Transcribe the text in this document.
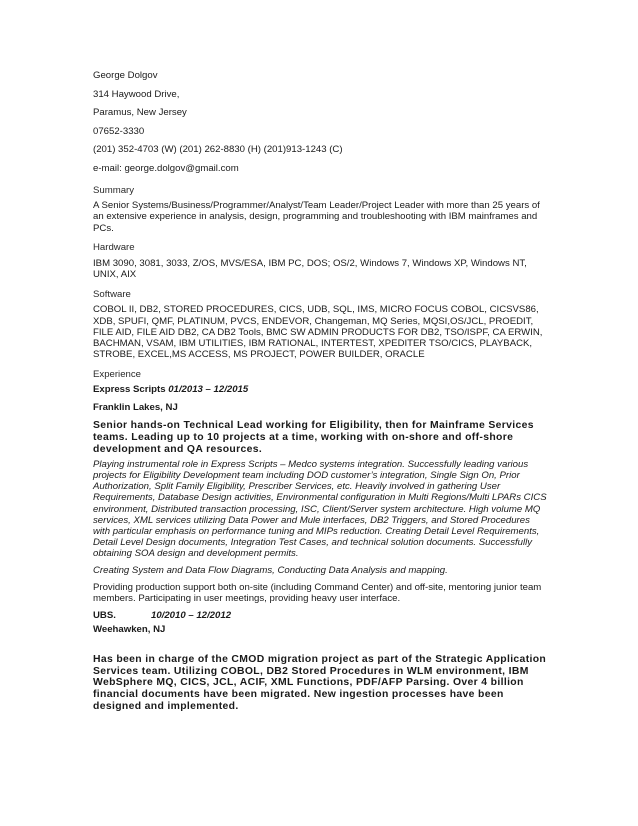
George Dolgov

314 Haywood Drive,

Paramus, New Jersey

07652-3330

(201) 352-4703 (W) (201) 262-8830 (H) (201)913-1243 (C)

e-mail: george.dolgov@gmail.com

Summary

A Senior Systems/Business/Programmer/Analyst/Team Leader/Project Leader with more than 25 years of an extensive experience in analysis, design, programming and troubleshooting with IBM mainframes and PCs.

Hardware

IBM 3090, 3081, 3033, Z/OS, MVS/ESA, IBM PC, DOS; OS/2, Windows 7, Windows XP, Windows NT, UNIX, AIX

Software

COBOL II, DB2, STORED PROCEDURES, CICS, UDB, SQL, IMS, MICRO FOCUS COBOL, CICSVS86, XDB, SPUFI, QMF, PLATINUM, PVCS, ENDEVOR, Changeman, MQ Series, MQSI,OS/JCL, PROEDIT, FILE AID, FILE AID DB2, CA DB2 Tools, BMC SW ADMIN PRODUCTS FOR DB2, TSO/ISPF, CA ERWIN, BACHMAN, VSAM, IBM UTILITIES, IBM RATIONAL, INTERTEST, XPEDITER TSO/CICS, PLAYBACK, STROBE, EXCEL,MS ACCESS, MS PROJECT, POWER BUILDER, ORACLE

Experience

Express Scripts 01/2013 – 12/2015

Franklin Lakes, NJ

Senior hands-on Technical Lead working for Eligibility, then for Mainframe Services teams. Leading up to 10 projects at a time, working with on-shore and off-shore development and QA resources.

Playing instrumental role in Express Scripts – Medco systems integration. Successfully leading various projects for Eligibility Development team including DOD customer’s integration, Single Sign On, Prior Authorization, Split Family Eligibility, Prescriber Services, etc. Heavily involved in gathering User Requirements, Database Design activities, Environmental configuration in Multi Regions/Multi LPARs CICS environment, Distributed transaction processing, ISC, Client/Server system architecture. High volume MQ services, XML services utilizing Data Power and Mule interfaces, DB2 Triggers, and Stored Procedures with particular emphasis on performance tuning and MIPs reduction. Creating Detail Level Requirements, Detail Level Design documents, Integration Test Cases, and technical solution documents. Successfully obtaining SOA design and development permits.

Creating System and Data Flow Diagrams, Conducting Data Analysis and mapping.

Providing production support both on-site (including Command Center) and off-site, mentoring junior team members. Participating in user meetings, providing heavy user interface.

UBS.	10/2010 – 12/2012

Weehawken, NJ

Has been in charge of the CMOD migration project as part of the Strategic Application Services team. Utilizing COBOL, DB2 Stored Procedures in WLM environment, IBM WebSphere MQ, CICS, JCL, ACIF, XML Functions, PDF/AFP Parsing. Over 4 billion financial documents have been migrated. New ingestion processes have been designed and implemented.
